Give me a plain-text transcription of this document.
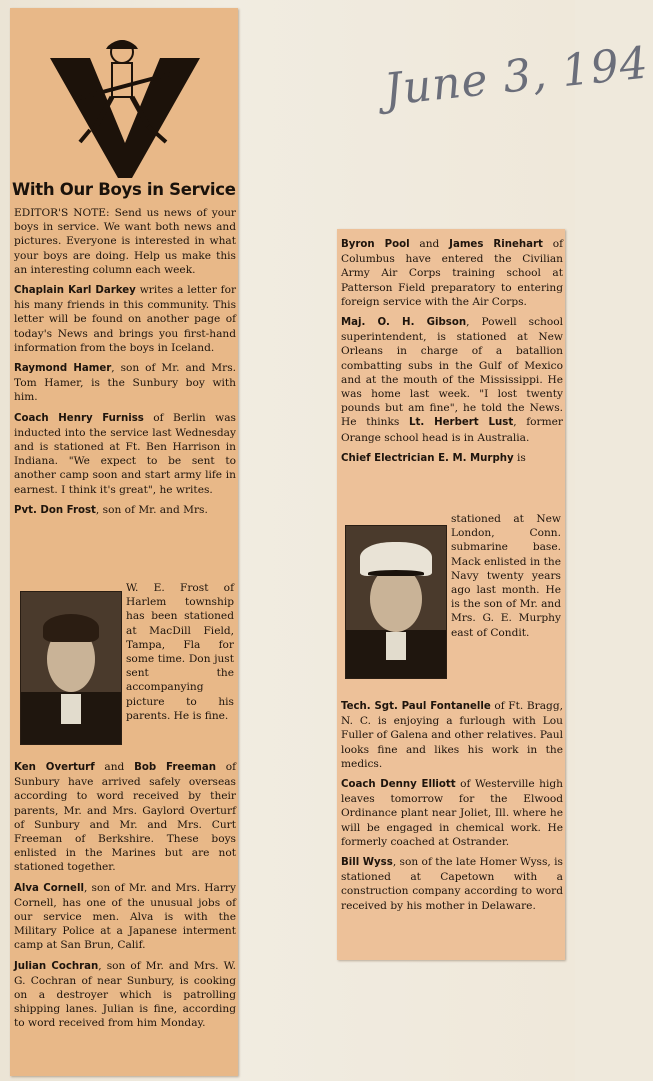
June 3, 194
With Our Boys in Service

EDITOR'S NOTE: Send us news of your boys in service. We want both news and pictures. Everyone is interested in what your boys are doing. Help us make this an interesting column each week.

Chaplain Karl Darkey writes a letter for his many friends in this community. This letter will be found on another page of today's News and brings you first-hand information from the boys in Iceland.

Raymond Hamer, son of Mr. and Mrs. Tom Hamer, is the Sunbury boy with him.

Coach Henry Furniss of Berlin was inducted into the service last Wednesday and is stationed at Ft. Ben Harrison in Indiana. "We expect to be sent to another camp soon and start army life in earnest. I think it's great", he writes.

Pvt. Don Frost, son of Mr. and Mrs.

W. E. Frost of Harlem township has been stationed at MacDill Field, Tampa, Fla for some time. Don just sent the accompanying picture to his parents. He is fine.

Ken Overturf and Bob Freeman of Sunbury have arrived safely overseas according to word received by their parents, Mr. and Mrs. Gaylord Overturf of Sunbury and Mr. and Mrs. Curt Freeman of Berkshire. These boys enlisted in the Marines but are not stationed together.

Alva Cornell, son of Mr. and Mrs. Harry Cornell, has one of the unusual jobs of our service men. Alva is with the Military Police at a Japanese interment camp at San Brun, Calif.

Julian Cochran, son of Mr. and Mrs. W. G. Cochran of near Sunbury, is cooking on a destroyer which is patrolling shipping lanes. Julian is fine, according to word received from him Monday.

Byron Pool and James Rinehart of Columbus have entered the Civilian Army Air Corps training school at Patterson Field preparatory to entering foreign service with the Air Corps.

Maj. O. H. Gibson, Powell school superintendent, is stationed at New Orleans in charge of a batallion combatting subs in the Gulf of Mexico and at the mouth of the Mississippi. He was home last week. "I lost twenty pounds but am fine", he told the News. He thinks Lt. Herbert Lust, former Orange school head is in Australia.

Chief Electrician E. M. Murphy is

stationed at New London, Conn. submarine base. Mack enlisted in the Navy twenty years ago last month. He is the son of Mr. and Mrs. G. E. Murphy east of Condit.

Tech. Sgt. Paul Fontanelle of Ft. Bragg, N. C. is enjoying a furlough with Lou Fuller of Galena and other relatives. Paul looks fine and likes his work in the medics.

Coach Denny Elliott of Westerville high leaves tomorrow for the Elwood Ordinance plant near Joliet, Ill. where he will be engaged in chemical work. He formerly coached at Ostrander.

Bill Wyss, son of the late Homer Wyss, is stationed at Capetown with a construction company according to word received by his mother in Delaware.
